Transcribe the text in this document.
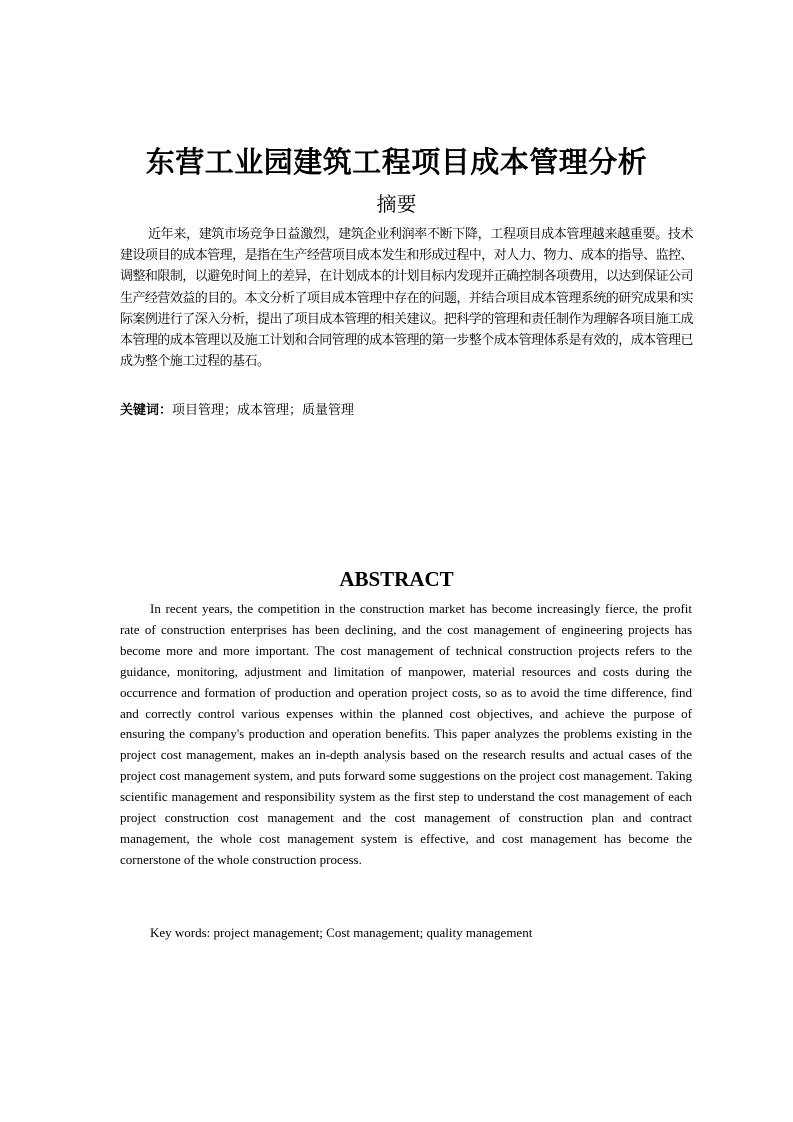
东营工业园建筑工程项目成本管理分析
摘要

近年来，建筑市场竞争日益激烈，建筑企业利润率不断下降，工程项目成本管理越来越重要。技术建设项目的成本管理，是指在生产经营项目成本发生和形成过程中，对人力、物力、成本的指导、监控、调整和限制，以避免时间上的差异，在计划成本的计划目标内发现并正确控制各项费用，以达到保证公司生产经营效益的目的。本文分析了项目成本管理中存在的问题，并结合项目成本管理系统的研究成果和实际案例进行了深入分析，提出了项目成本管理的相关建议。把科学的管理和责任制作为理解各项目施工成本管理的成本管理以及施工计划和合同管理的成本管理的第一步整个成本管理体系是有效的，成本管理已成为整个施工过程的基石。

关键词：项目管理；成本管理；质量管理
ABSTRACT

In recent years, the competition in the construction market has become increasingly fierce, the profit rate of construction enterprises has been declining, and the cost management of engineering projects has become more and more important. The cost management of technical construction projects refers to the guidance, monitoring, adjustment and limitation of manpower, material resources and costs during the occurrence and formation of production and operation project costs, so as to avoid the time difference, find and correctly control various expenses within the planned cost objectives, and achieve the purpose of ensuring the company's production and operation benefits. This paper analyzes the problems existing in the project cost management, makes an in-depth analysis based on the research results and actual cases of the project cost management system, and puts forward some suggestions on the project cost management. Taking scientific management and responsibility system as the first step to understand the cost management of each project construction cost management and the cost management of construction plan and contract management, the whole cost management system is effective, and cost management has become the cornerstone of the whole construction process.

Key words: project management; Cost management; quality management
